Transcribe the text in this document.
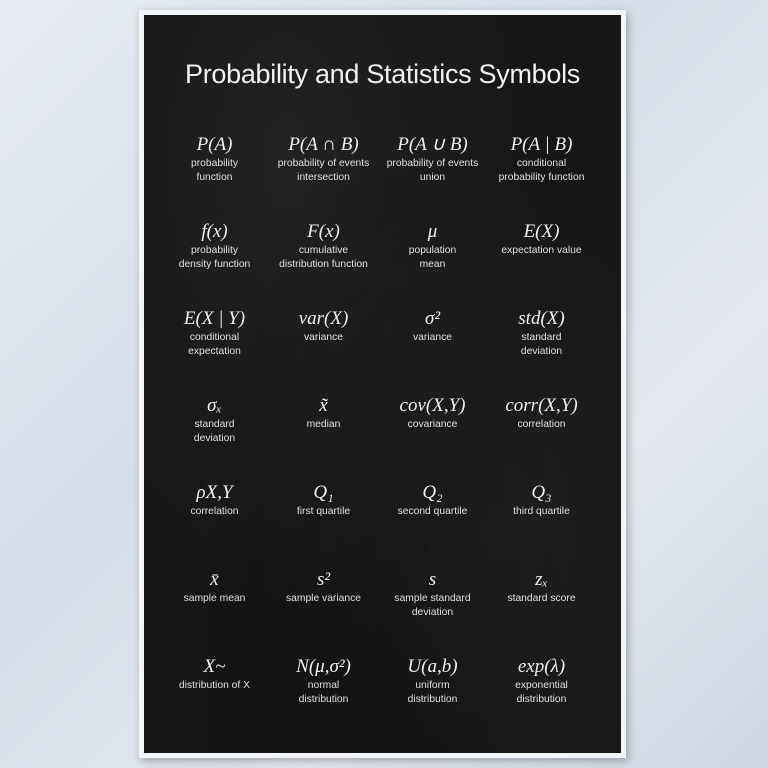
Probability and Statistics Symbols
P(A)
probability
function
P(A ∩ B)
probability of events
intersection
P(A ∪ B)
probability of events
union
P(A | B)
conditional
probability function
f(x)
probability
density function
F(x)
cumulative
distribution function
μ
population
mean
E(X)
expectation value
E(X | Y)
conditional
expectation
var(X)
variance
σ²
variance
std(X)
standard
deviation
σₓ
standard
deviation
x̃
median
cov(X,Y)
covariance
corr(X,Y)
correlation
ρX,Y
correlation
Q₁
first quartile
Q₂
second quartile
Q₃
third quartile
x̄
sample mean
s²
sample variance
s
sample standard
deviation
zₓ
standard score
X~
distribution of X
N(μ,σ²)
normal
distribution
U(a,b)
uniform
distribution
exp(λ)
exponential
distribution
